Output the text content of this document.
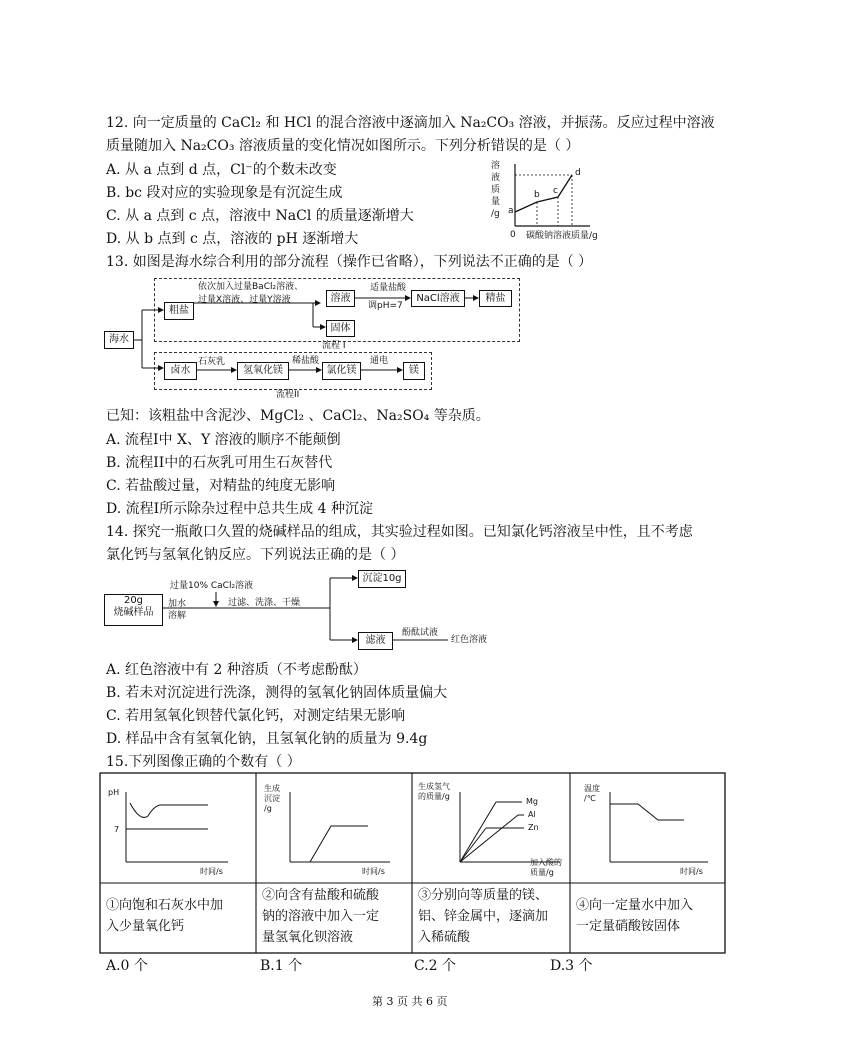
12. 向一定质量的 CaCl₂ 和 HCl 的混合溶液中逐滴加入 Na₂CO₃ 溶液，并振荡。反应过程中溶液
质量随加入 Na₂CO₃ 溶液质量的变化情况如图所示。下列分析错误的是（ ）
A. 从 a 点到 d 点，Cl⁻的个数未改变
B. bc 段对应的实验现象是有沉淀生成
C. 从 a 点到 c 点，溶液中 NaCl 的质量逐渐增大
D. 从 b 点到 c 点，溶液的 pH 逐渐增大
溶
液
质
量
/g a
b c
d
0 碳酸钠溶液质量/g
13. 如图是海水综合利用的部分流程（操作已省略），下列说法不正确的是（ ）
海水
粗盐
依次加入过量BaCl₂溶液、
过量X溶液、过量Y溶液	溶液
固体
适量盐酸
调pH=7
NaCl溶液	精盐
流程 I
卤水
石灰乳
氢氧化镁
稀盐酸
氯化镁
通电
镁
流程II
已知：该粗盐中含泥沙、MgCl₂ 、CaCl₂、Na₂SO₄ 等杂质。
A. 流程I中 X、Y 溶液的顺序不能颠倒
B. 流程II中的石灰乳可用生石灰替代
C. 若盐酸过量，对精盐的纯度无影响
D. 流程I所示除杂过程中总共生成 4 种沉淀
14. 探究一瓶敞口久置的烧碱样品的组成，其实验过程如图。已知氯化钙溶液呈中性，且不考虑
氯化钙与氢氧化钠反应。下列说法正确的是（ ）
20g
烧碱样品
过量10% CaCl₂溶液
加水
溶解
过滤、洗涤、干燥
沉淀10g
滤液
酚酞试液
红色溶液
A. 红色溶液中有 2 种溶质（不考虑酚酞）
B. 若未对沉淀进行洗涤，测得的氢氧化钠固体质量偏大
C. 若用氢氧化钡替代氯化钙，对测定结果无影响
D. 样品中含有氢氧化钠，且氢氧化钠的质量为 9.4g
15.下列图像正确的个数有（ ）
pH
7
时间/s
生成
沉淀
/g
时间/s
生成氢气
的质量/g
Mg
Al
Zn
加入酸的
质量/g
温度
/℃
时间/s
①向饱和石灰水中加
入少量氧化钙
②向含有盐酸和硫酸
钠的溶液中加入一定
量氢氧化钡溶液
③分别向等质量的镁、
铝、锌金属中，逐滴加
入稀硫酸
④向一定量水中加入
一定量硝酸铵固体
A.0 个	B.1 个	C.2 个	D.3 个
第 3 页 共 6 页
